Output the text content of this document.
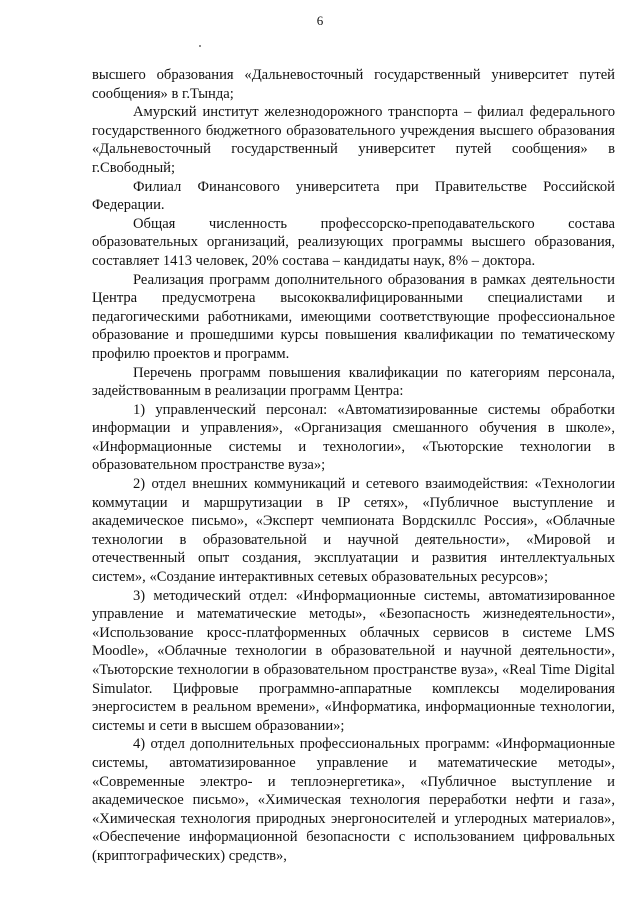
6

высшего образования «Дальневосточный государственный университет путей сообщения» в г.Тында;

Амурский институт железнодорожного транспорта – филиал федерального государственного бюджетного образовательного учреждения высшего образования «Дальневосточный государственный университет путей сообщения» в г.Свободный;

Филиал Финансового университета при Правительстве Российской Федерации.

Общая численность профессорско-преподавательского состава образовательных организаций, реализующих программы высшего образования, составляет 1413 человек, 20% состава – кандидаты наук, 8% – доктора.

Реализация программ дополнительного образования в рамках деятельности Центра предусмотрена высококвалифицированными специалистами и педагогическими работниками, имеющими соответствующие профессиональное образование и прошедшими курсы повышения квалификации по тематическому профилю проектов и программ.

Перечень программ повышения квалификации по категориям персонала, задействованным в реализации программ Центра:

1) управленческий персонал: «Автоматизированные системы обработки информации и управления», «Организация смешанного обучения в школе», «Информационные системы и технологии», «Тьюторские технологии в образовательном пространстве вуза»;

2) отдел внешних коммуникаций и сетевого взаимодействия: «Технологии коммутации и маршрутизации в IP сетях», «Публичное выступление и академическое письмо», «Эксперт чемпионата Вордскиллс Россия», «Облачные технологии в образовательной и научной деятельности», «Мировой и отечественный опыт создания, эксплуатации и развития интеллектуальных систем», «Создание интерактивных сетевых образовательных ресурсов»;

3) методический отдел: «Информационные системы, автоматизированное управление и математические методы», «Безопасность жизнедеятельности», «Использование кросс-платформенных облачных сервисов в системе LMS Moodle», «Облачные технологии в образовательной и научной деятельности», «Тьюторские технологии в образовательном пространстве вуза», «Real Time Digital Simulator. Цифровые программно-аппаратные комплексы моделирования энергосистем в реальном времени», «Информатика, информационные технологии, системы и сети в высшем образовании»;

4) отдел дополнительных профессиональных программ: «Информационные системы, автоматизированное управление и математические методы», «Современные электро- и теплоэнергетика», «Публичное выступление и академическое письмо», «Химическая технология переработки нефти и газа», «Химическая технология природных энергоносителей и углеродных материалов», «Обеспечение информационной безопасности с использованием цифровальных (криптографических) средств»,
